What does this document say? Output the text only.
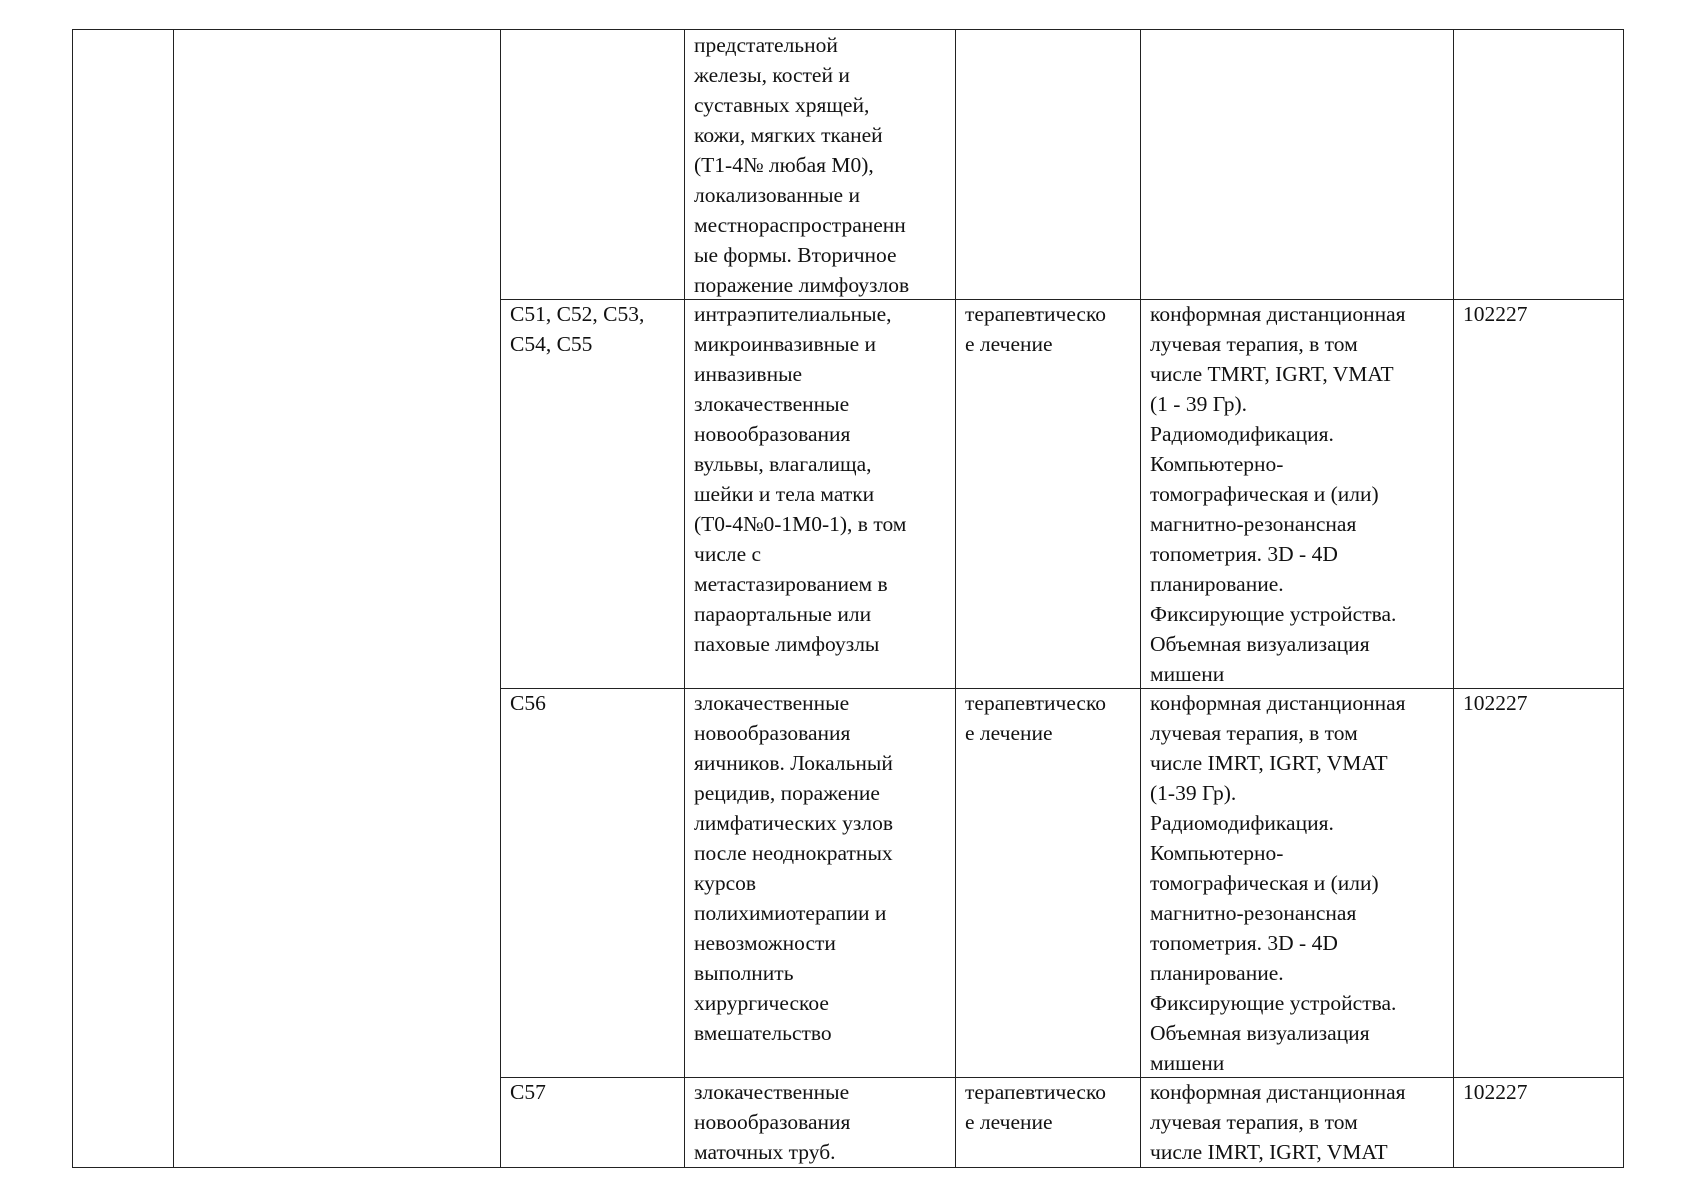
предстательной
железы, костей и
суставных хрящей,
кожи, мягких тканей
(Т1-4№ любая М0),
локализованные и
местнораспространенн
ые формы. Вторичное
поражение лимфоузлов
C51, C52, C53,
C54, C55
интраэпителиальные,
микроинвазивные и
инвазивные
злокачественные
новообразования
вульвы, влагалища,
шейки и тела матки
(Т0-4№0-1М0-1), в том
числе с
метастазированием в
параортальные или
паховые лимфоузлы
терапевтическо
е лечение
конформная дистанционная
лучевая терапия, в том
числе TMRT, IGRT, VMAT
(1 - 39 Гр).
Радиомодификация.
Компьютерно-
томографическая и (или)
магнитно-резонансная
топометрия. 3D - 4D
планирование.
Фиксирующие устройства.
Объемная визуализация
мишени
102227
C56	злокачественные
новообразования
яичников. Локальный
рецидив, поражение
лимфатических узлов
после неоднократных
курсов
полихимиотерапии и
невозможности
выполнить
хирургическое
вмешательство
терапевтическо
е лечение
конформная дистанционная
лучевая терапия, в том
числе IMRT, IGRT, VMAT
(1-39 Гр).
Радиомодификация.
Компьютерно-
томографическая и (или)
магнитно-резонансная
топометрия. 3D - 4D
планирование.
Фиксирующие устройства.
Объемная визуализация
мишени
102227
C57	злокачественные
новообразования
маточных труб.
терапевтическо
е лечение
конформная дистанционная
лучевая терапия, в том
числе IMRT, IGRT, VMAT
102227
